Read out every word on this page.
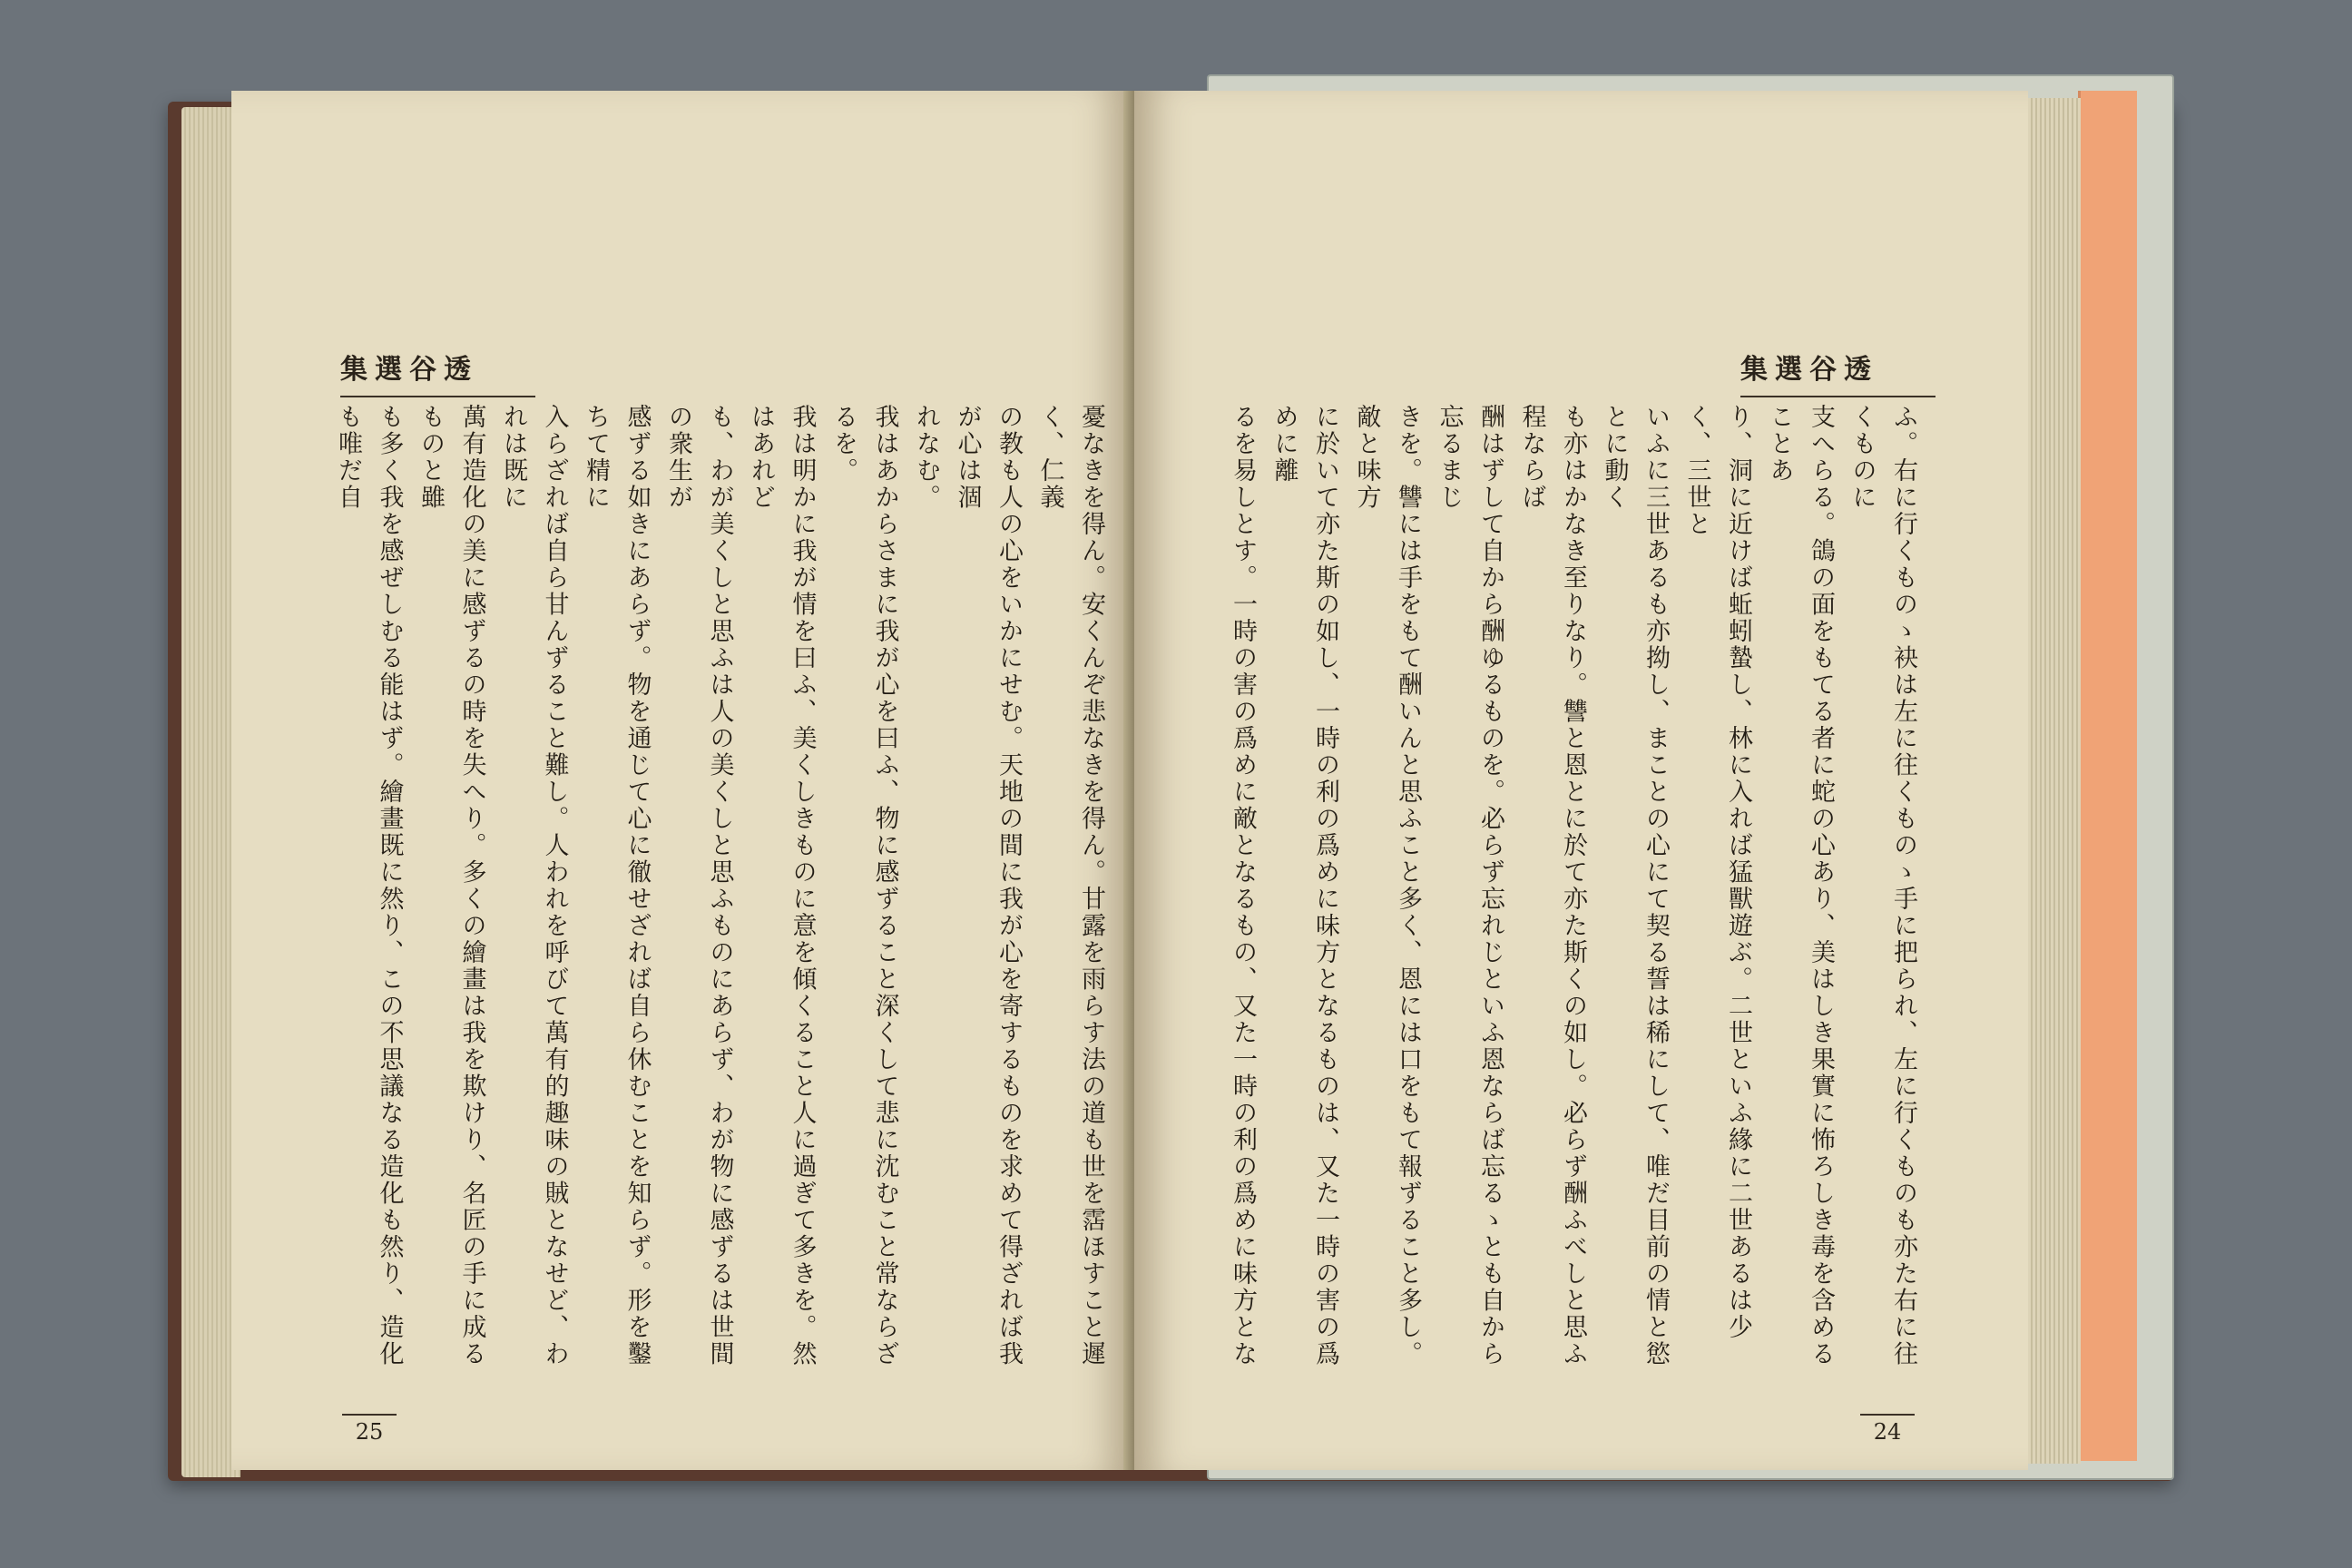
集選谷透

憂なきを得ん。安くんぞ悲なきを得ん。甘露を雨らす法の道も世を霑ほすこと遲く、仁義

の教も人の心をいかにせむ。天地の間に我が心を寄するものを求めて得ざれば我が心は涸

れなむ。

我はあからさまに我が心を曰ふ、物に感ずること深くして悲に沈むこと常ならざるを。

我は明かに我が情を曰ふ、美くしきものに意を傾くること人に過ぎて多きを。然はあれど

も、わが美くしと思ふは人の美くしと思ふものにあらず、わが物に感ずるは世間の衆生が

感ずる如きにあらず。物を通じて心に徹せざれば自ら休むことを知らず。形を鑿ちて精に

入らざれば自ら甘んずること難し。人われを呼びて萬有的趣味の賊となせど、われは既に

萬有造化の美に感ずるの時を失へり。多くの繪畫は我を欺けり、名匠の手に成るものと雖

も多く我を感ぜしむる能はず。繪畫既に然り、この不思議なる造化も然り、造化も唯だ自

25
集選谷透

ふ。右に行くものゝ袂は左に往くものゝ手に把られ、左に行くものも亦た右に往くものに

支へらる。鴿の面をもてる者に蛇の心あり、美はしき果實に怖ろしき毒を含めることあ

り、洞に近けば蚯蚓蟄し、林に入れば猛獸遊ぶ。二世といふ緣に二世あるは少く、三世と

いふに三世あるも亦拗し、まことの心にて契る誓は稀にして、唯だ目前の情と慾とに動く

も亦はかなき至りなり。讐と恩とに於て亦た斯くの如し。必らず酬ふべしと思ふ程ならば

酬はずして自から酬ゆるものを。必らず忘れじといふ恩ならば忘るゝとも自から忘るまじ

きを。讐には手をもて酬いんと思ふこと多く、恩には口をもて報ずること多し。敵と味方

に於いて亦た斯の如し、一時の利の爲めに味方となるものは、又た一時の害の爲めに離

るを易しとす。一時の害の爲めに敵となるもの、又た一時の利の爲めに味方とな

24
